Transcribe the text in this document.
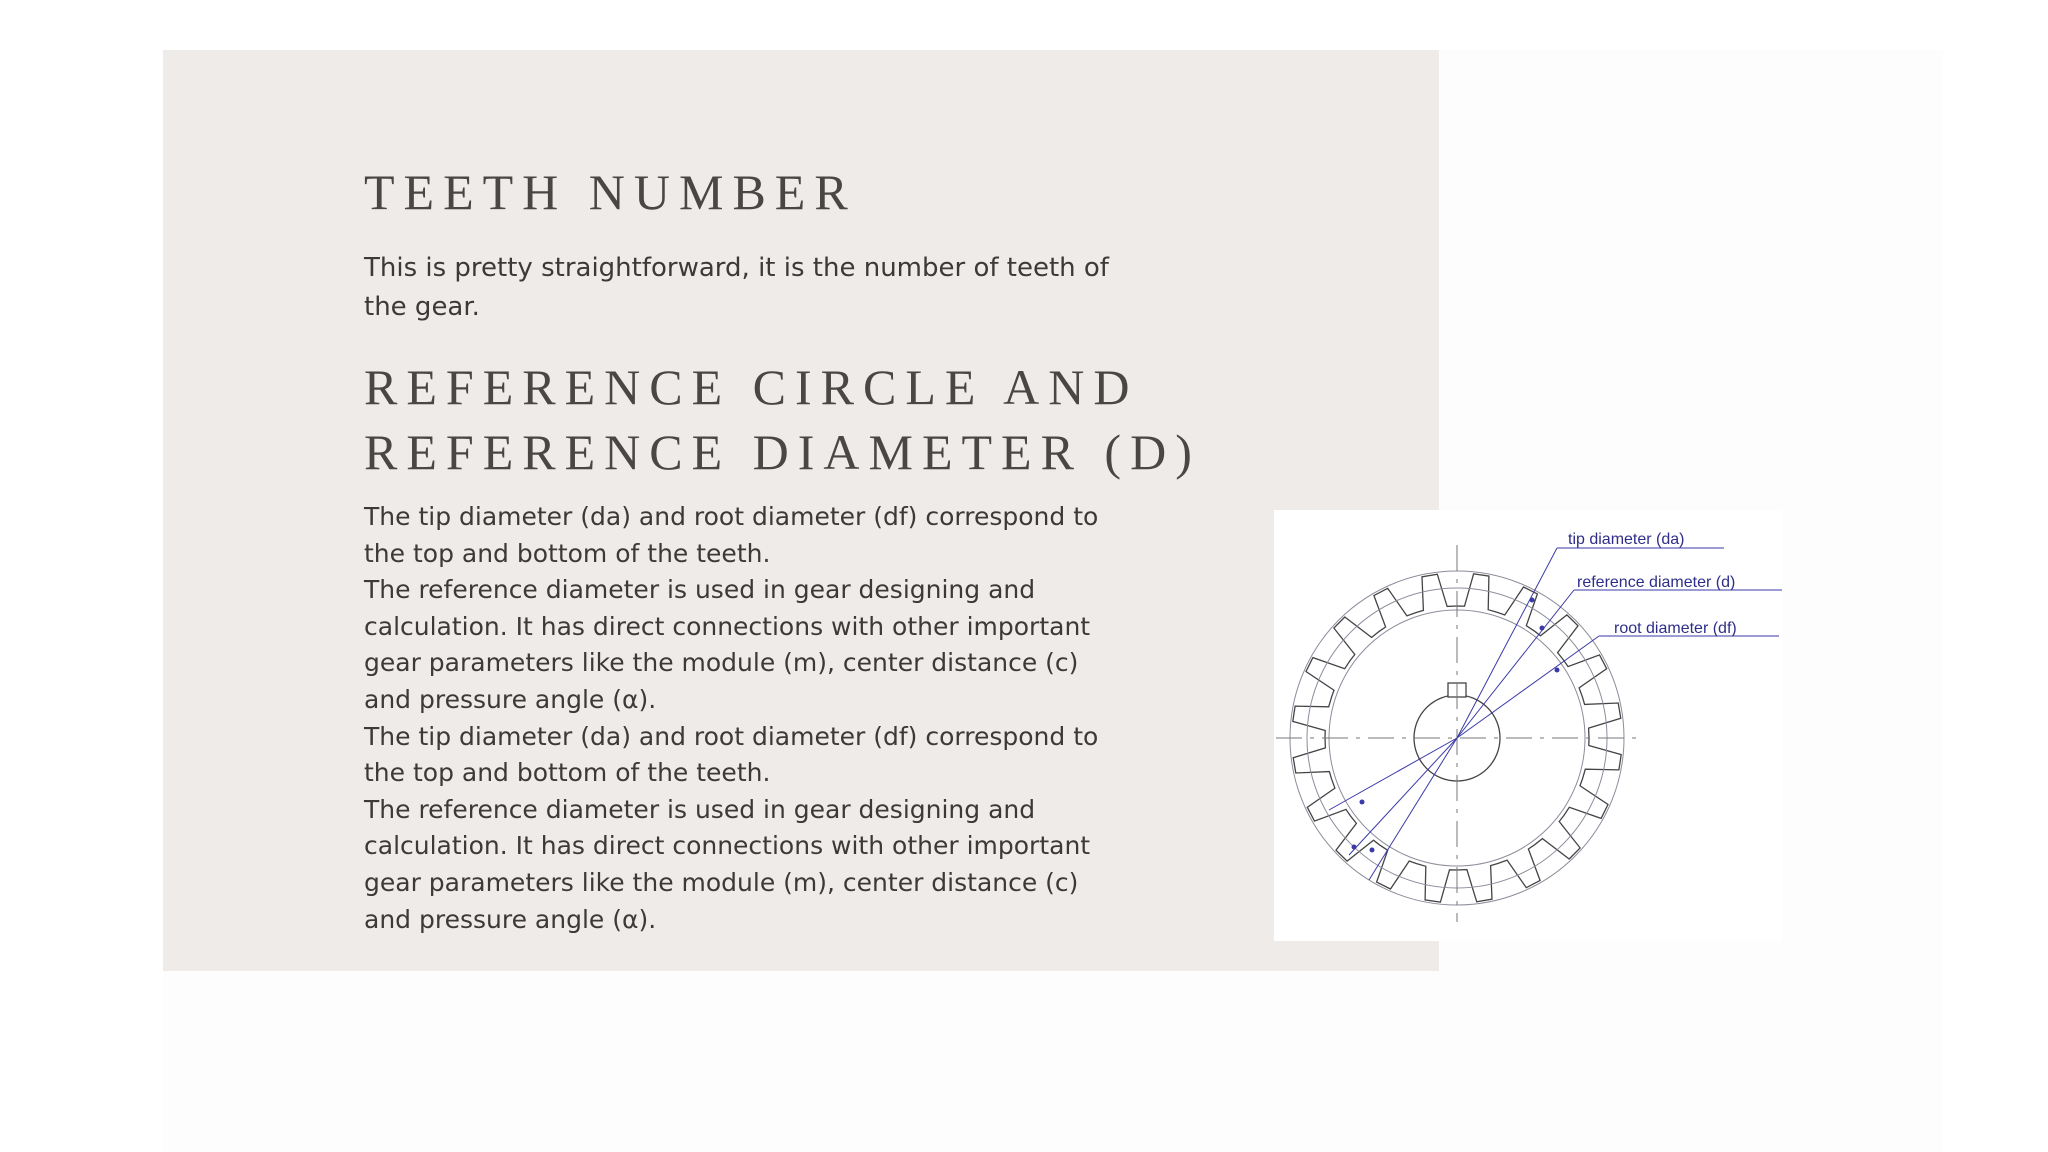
TEETH NUMBER

This is pretty straightforward, it is the number of teeth of the gear.

REFERENCE CIRCLE AND
REFERENCE DIAMETER (D)
The tip diameter (da) and root diameter (df) correspond to the top and bottom of the teeth.
The reference diameter is used in gear designing and calculation. It has direct connections with other important gear parameters like the module (m), center distance (c) and pressure angle (α).
The tip diameter (da) and root diameter (df) correspond to the top and bottom of the teeth.
The reference diameter is used in gear designing and calculation. It has direct connections with other important gear parameters like the module (m), center distance (c) and pressure angle (α).
tip diameter (da)
reference diameter (d)
root diameter (df)
